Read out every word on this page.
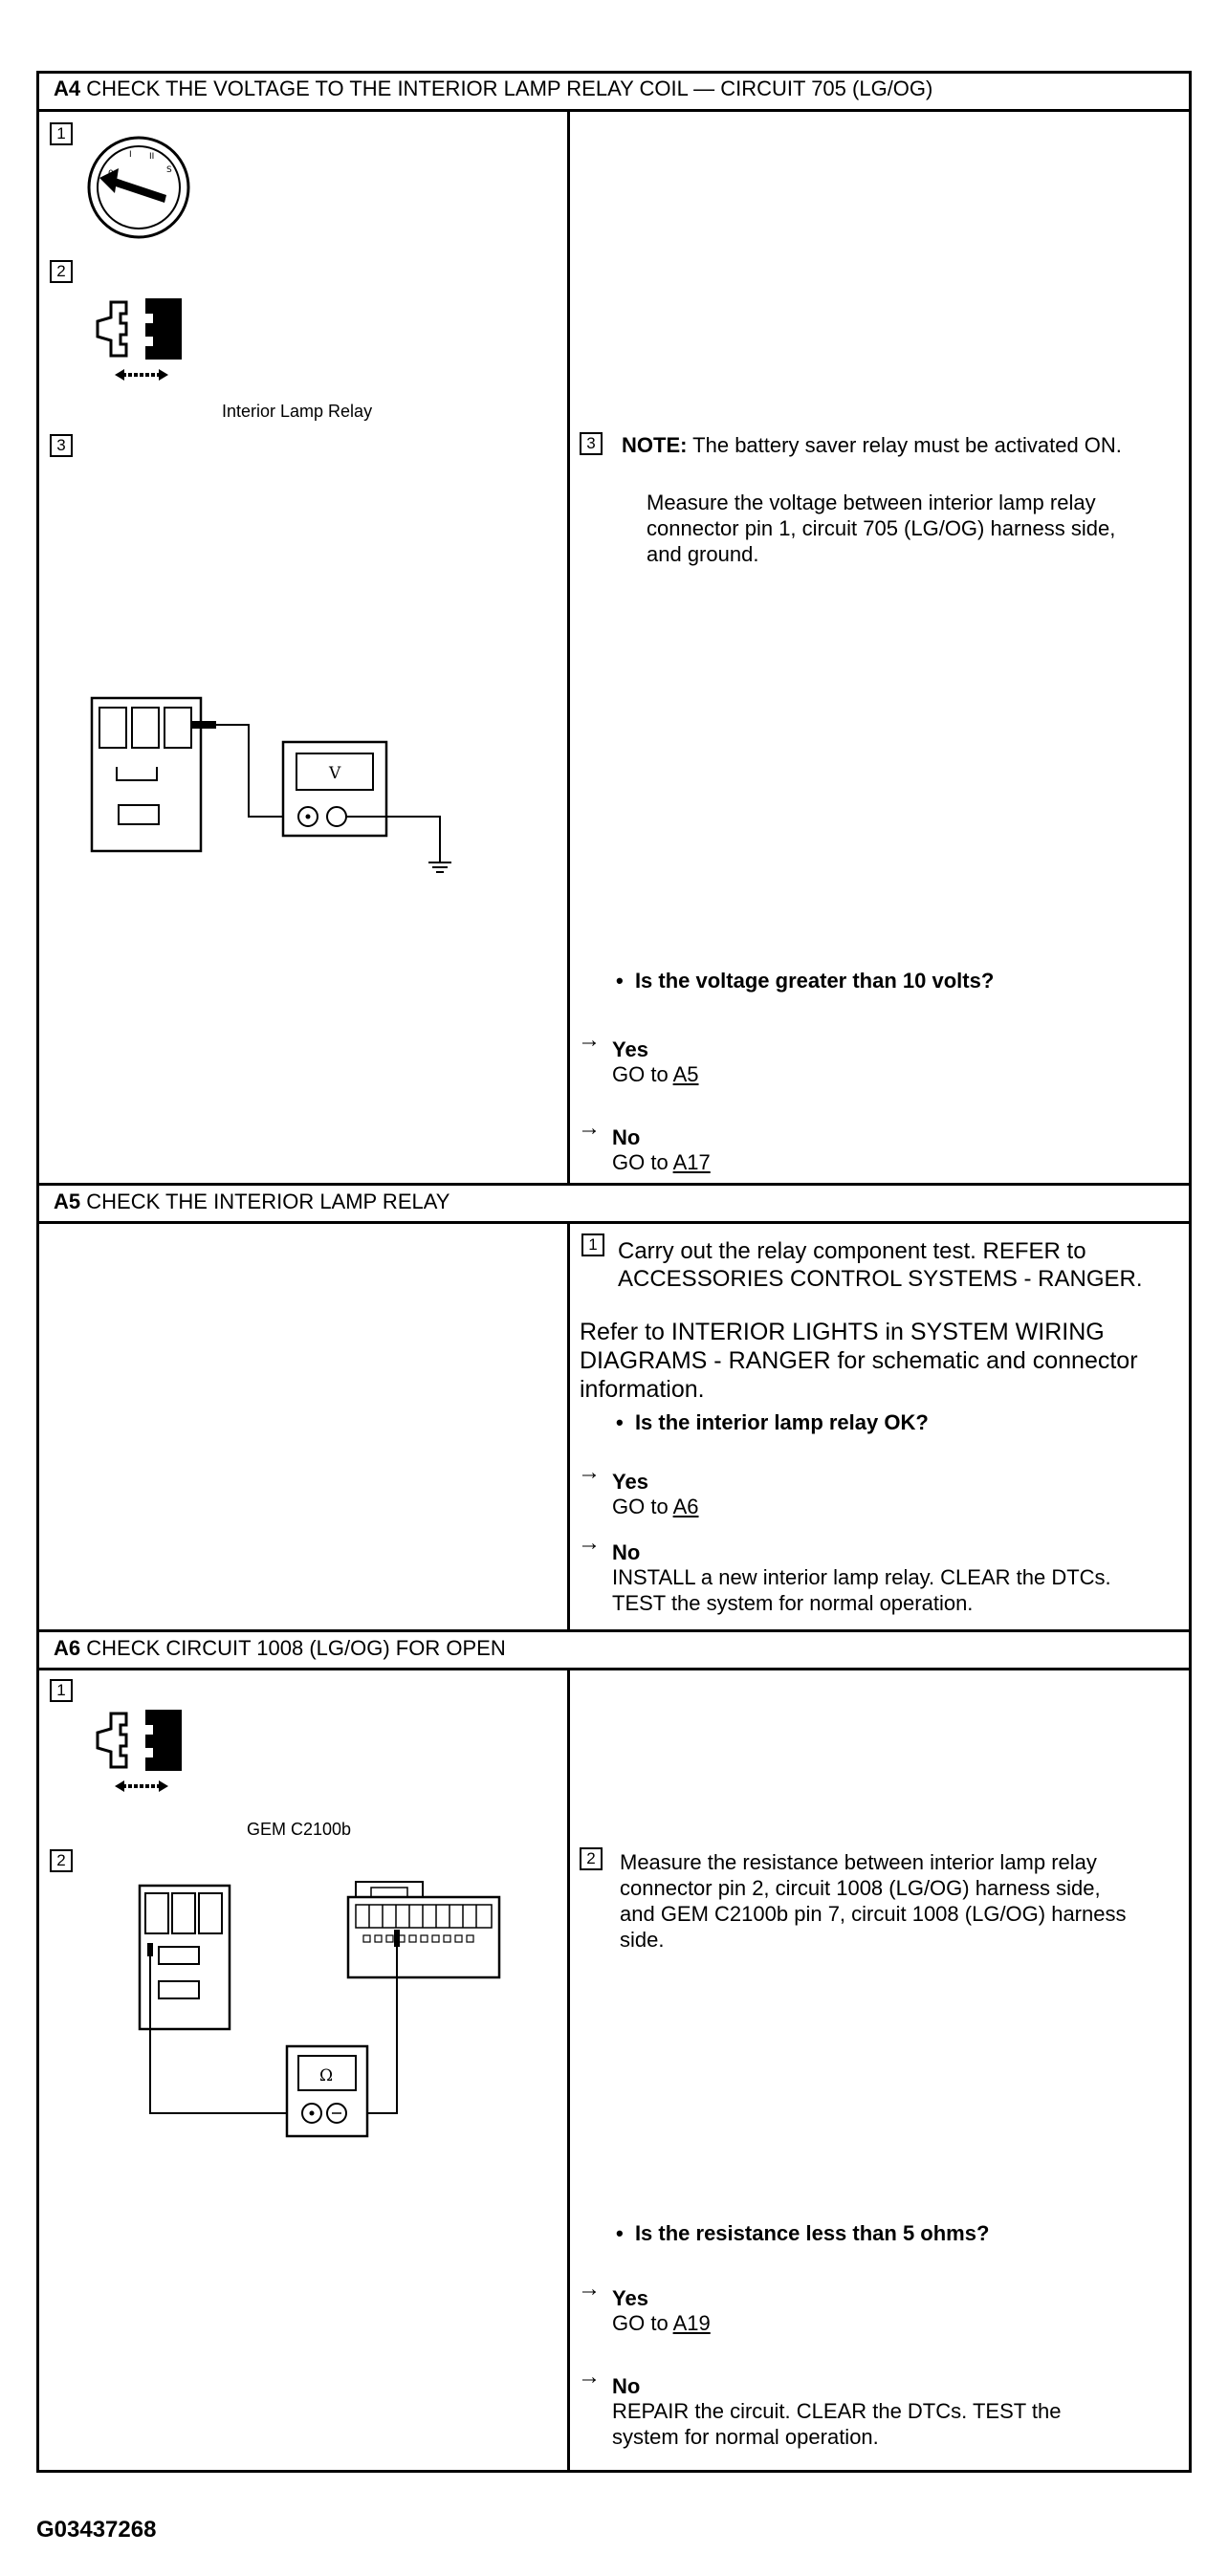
A4 CHECK THE VOLTAGE TO THE INTERIOR LAMP RELAY COIL — CIRCUIT 705 (LG/OG)
1
0
I II
S
2
Interior Lamp Relay
3
V
3	NOTE: The battery saver relay must be activated ON.
Measure the voltage between interior lamp relay
connector pin 1, circuit 705 (LG/OG) harness side,
and ground.
• Is the voltage greater than 10 volts?
→ Yes
GO to A5
→ No
GO to A17
A5 CHECK THE INTERIOR LAMP RELAY
1 Carry out the relay component test. REFER to
ACCESSORIES CONTROL SYSTEMS - RANGER.
Refer to INTERIOR LIGHTS in SYSTEM WIRING
DIAGRAMS - RANGER for schematic and connector
information.
• Is the interior lamp relay OK?
→ Yes
GO to A6
→ No
INSTALL a new interior lamp relay. CLEAR the DTCs.
TEST the system for normal operation.
A6 CHECK CIRCUIT 1008 (LG/OG) FOR OPEN
1
GEM C2100b
2
Ω
2	Measure the resistance between interior lamp relay
connector pin 2, circuit 1008 (LG/OG) harness side,
and GEM C2100b pin 7, circuit 1008 (LG/OG) harness
side.
• Is the resistance less than 5 ohms?
→ Yes
GO to A19
→ No
REPAIR the circuit. CLEAR the DTCs. TEST the
system for normal operation.
G03437268
